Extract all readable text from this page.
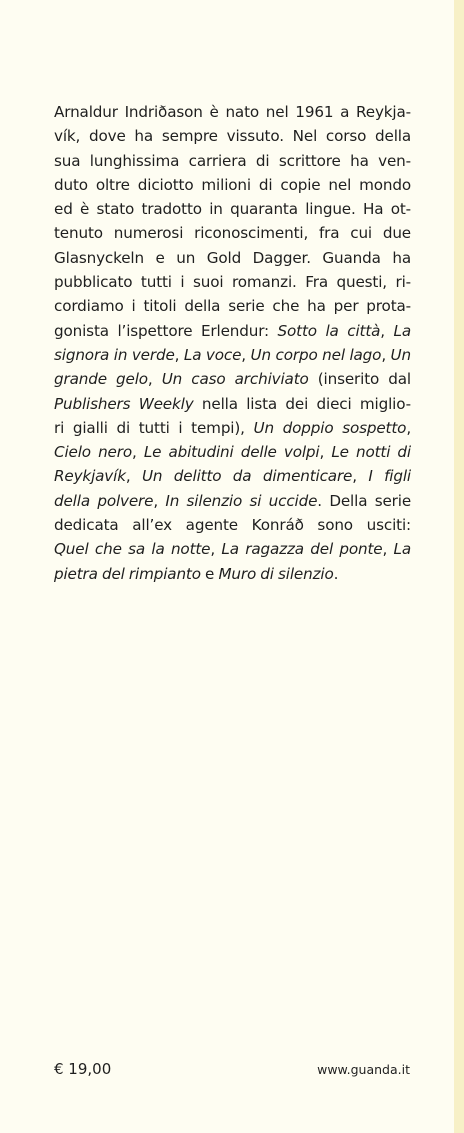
Arnaldur Indriðason è nato nel 1961 a Reykja-
vík, dove ha sempre vissuto. Nel corso della
sua lunghissima carriera di scrittore ha ven-
duto oltre diciotto milioni di copie nel mondo
ed è stato tradotto in quaranta lingue. Ha ot-
tenuto numerosi riconoscimenti, fra cui due
Glasnyckeln e un Gold Dagger. Guanda ha
pubblicato tutti i suoi romanzi. Fra questi, ri-
cordiamo i titoli della serie che ha per prota-
gonista l’ispettore Erlendur: Sotto la città, La
signora in verde, La voce, Un corpo nel lago, Un
grande gelo, Un caso archiviato (inserito dal
Publishers Weekly nella lista dei dieci miglio-
ri gialli di tutti i tempi), Un doppio sospetto,
Cielo nero, Le abitudini delle volpi, Le notti di
Reykjavík, Un delitto da dimenticare, I figli
della polvere, In silenzio si uccide. Della serie
dedicata all’ex agente Konráð sono usciti:
Quel che sa la notte, La ragazza del ponte, La
pietra del rimpianto e Muro di silenzio.
€ 19,00	www.guanda.it
